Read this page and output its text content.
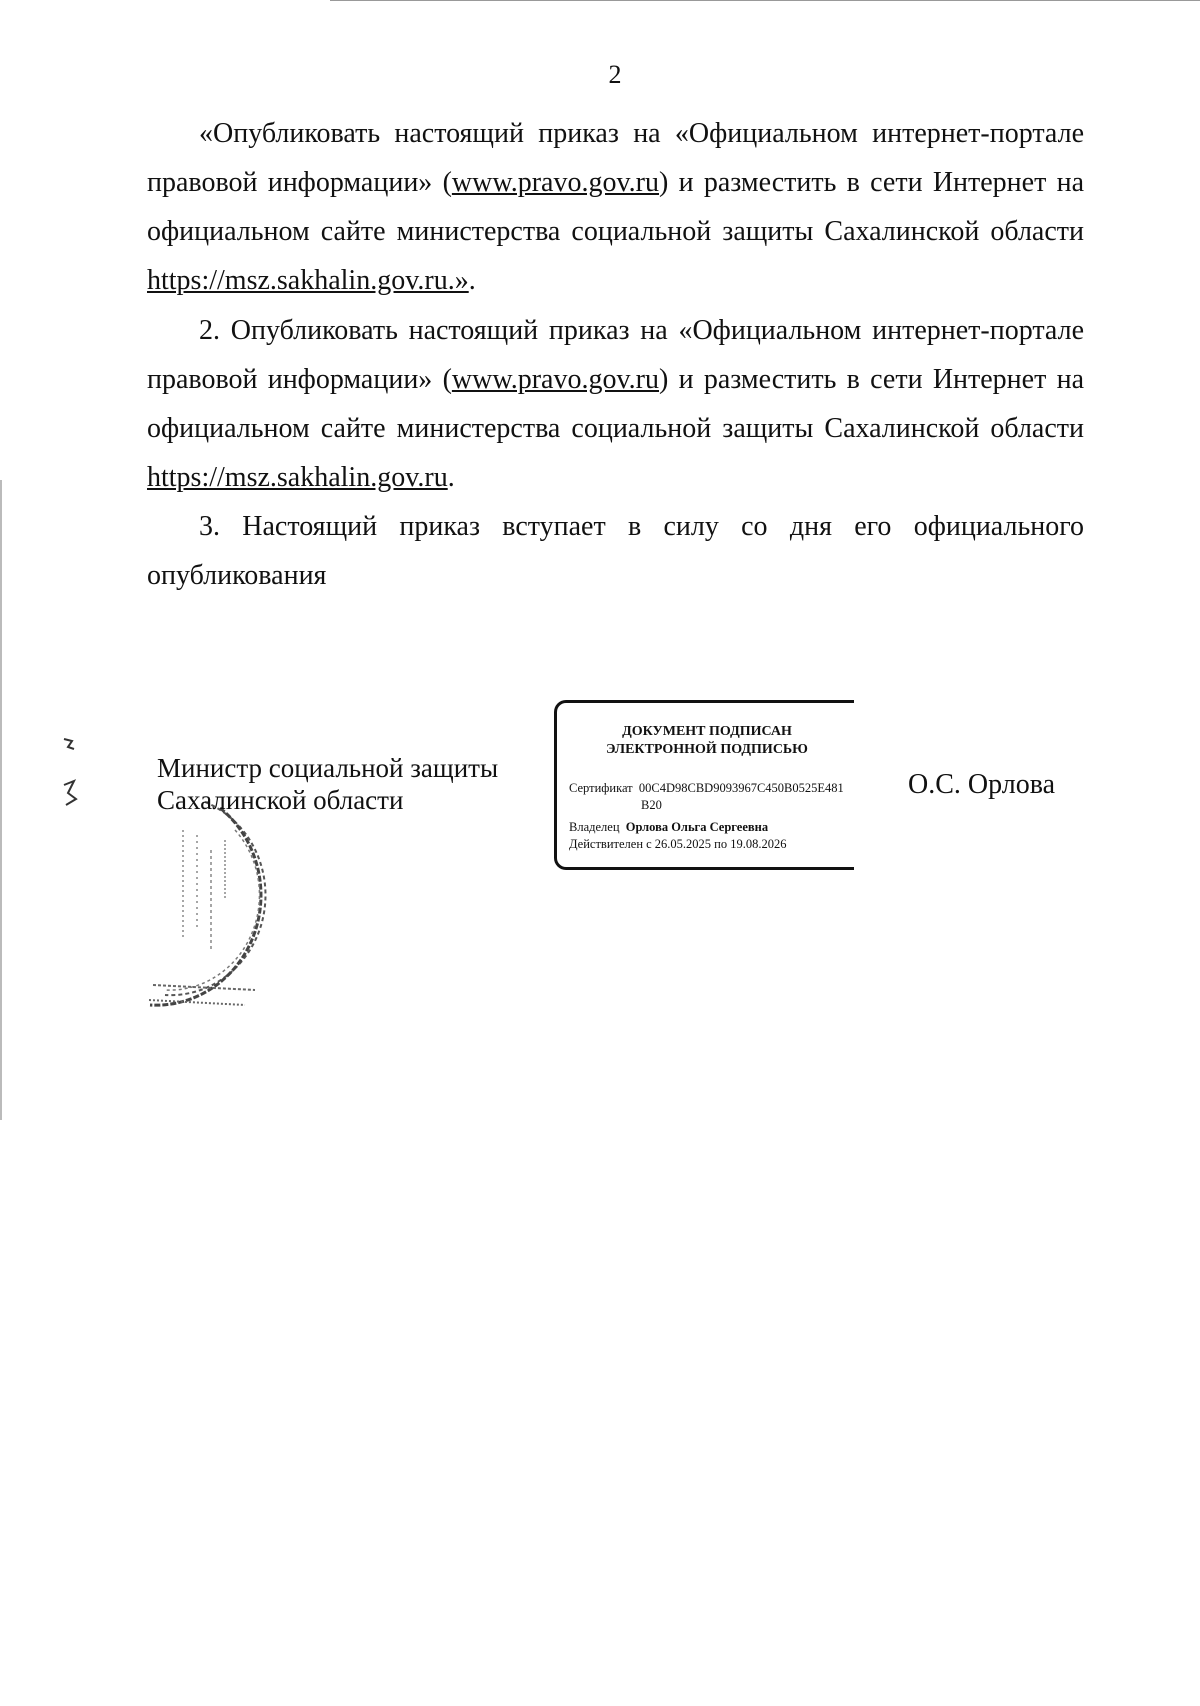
2

«Опубликовать настоящий приказ на «Официальном интернет-портале правовой информации» (www.pravo.gov.ru) и разместить в сети Интернет на официальном сайте министерства социальной защиты Сахалинской области https://msz.sakhalin.gov.ru.».

2. Опубликовать настоящий приказ на «Официальном интернет-портале правовой информации» (www.pravo.gov.ru) и разместить в сети Интернет на официальном сайте министерства социальной защиты Сахалинской области https://msz.sakhalin.gov.ru.

3. Настоящий приказ вступает в силу со дня его официального опубликования

Министр социальной защиты
Сахалинской области
ДОКУМЕНТ ПОДПИСАН
ЭЛЕКТРОННОЙ ПОДПИСЬЮ
Сертификат 00C4D98CBD9093967C450B0525E481
B20
Владелец Орлова Ольга Сергеевна
Действителен с 26.05.2025 по 19.08.2026
О.С. Орлова
